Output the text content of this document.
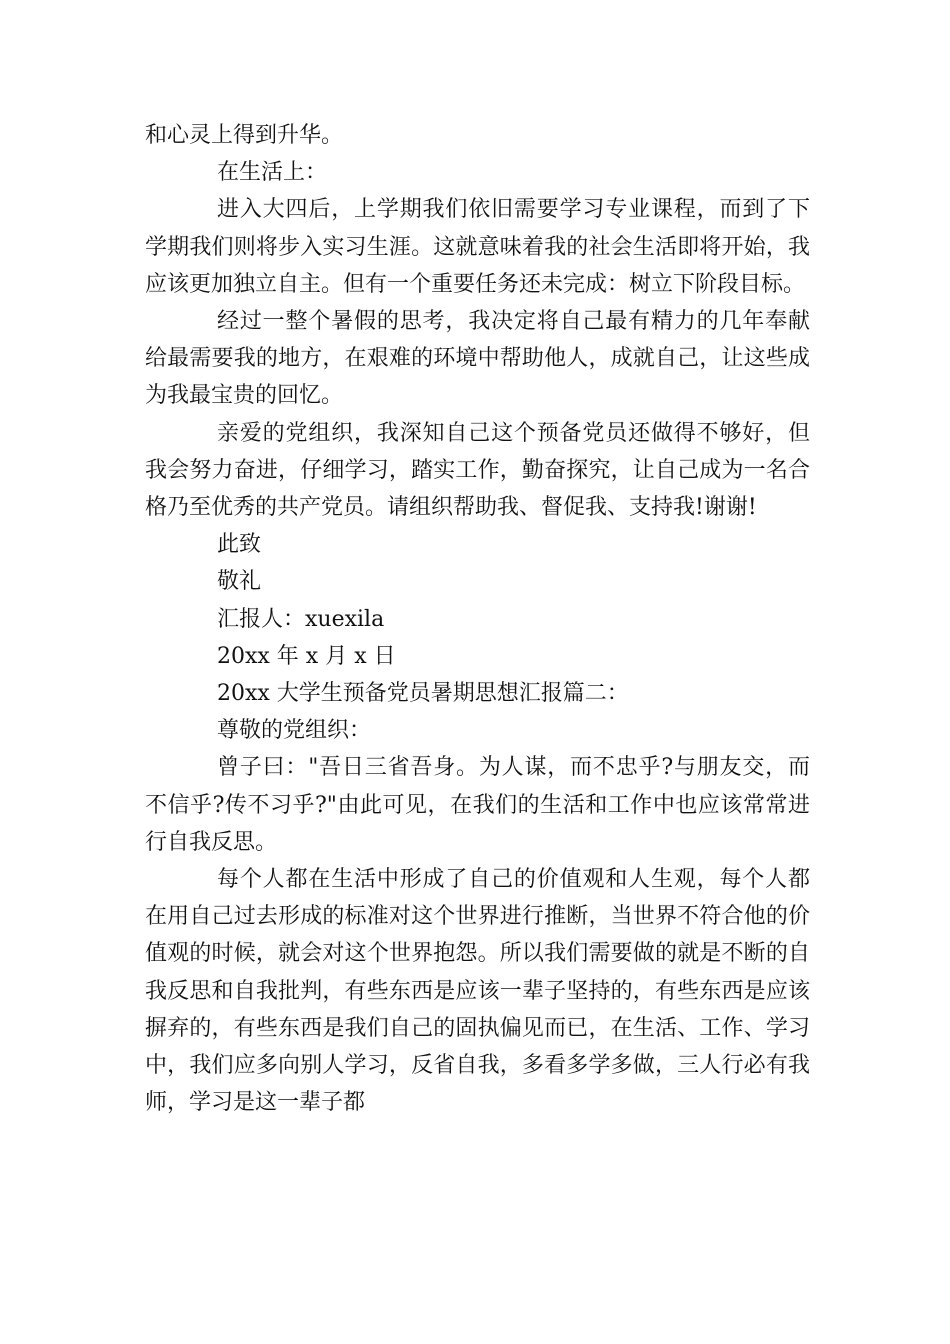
和心灵上得到升华。

在生活上：

进入大四后，上学期我们依旧需要学习专业课程，而到了下学期我们则将步入实习生涯。这就意味着我的社会生活即将开始，我应该更加独立自主。但有一个重要任务还未完成：树立下阶段目标。

经过一整个暑假的思考，我决定将自己最有精力的几年奉献给最需要我的地方，在艰难的环境中帮助他人，成就自己，让这些成为我最宝贵的回忆。

亲爱的党组织，我深知自己这个预备党员还做得不够好，但我会努力奋进，仔细学习，踏实工作，勤奋探究，让自己成为一名合格乃至优秀的共产党员。请组织帮助我、督促我、支持我!谢谢!

此致

敬礼

汇报人：xuexila

20xx 年 x 月 x 日

20xx 大学生预备党员暑期思想汇报篇二：

尊敬的党组织：

曾子曰："吾日三省吾身。为人谋，而不忠乎?与朋友交，而不信乎?传不习乎?"由此可见，在我们的生活和工作中也应该常常进行自我反思。

每个人都在生活中形成了自己的价值观和人生观，每个人都在用自己过去形成的标准对这个世界进行推断，当世界不符合他的价值观的时候，就会对这个世界抱怨。所以我们需要做的就是不断的自我反思和自我批判，有些东西是应该一辈子坚持的，有些东西是应该摒弃的，有些东西是我们自己的固执偏见而已，在生活、工作、学习中，我们应多向别人学习，反省自我，多看多学多做，三人行必有我师，学习是这一辈子都
